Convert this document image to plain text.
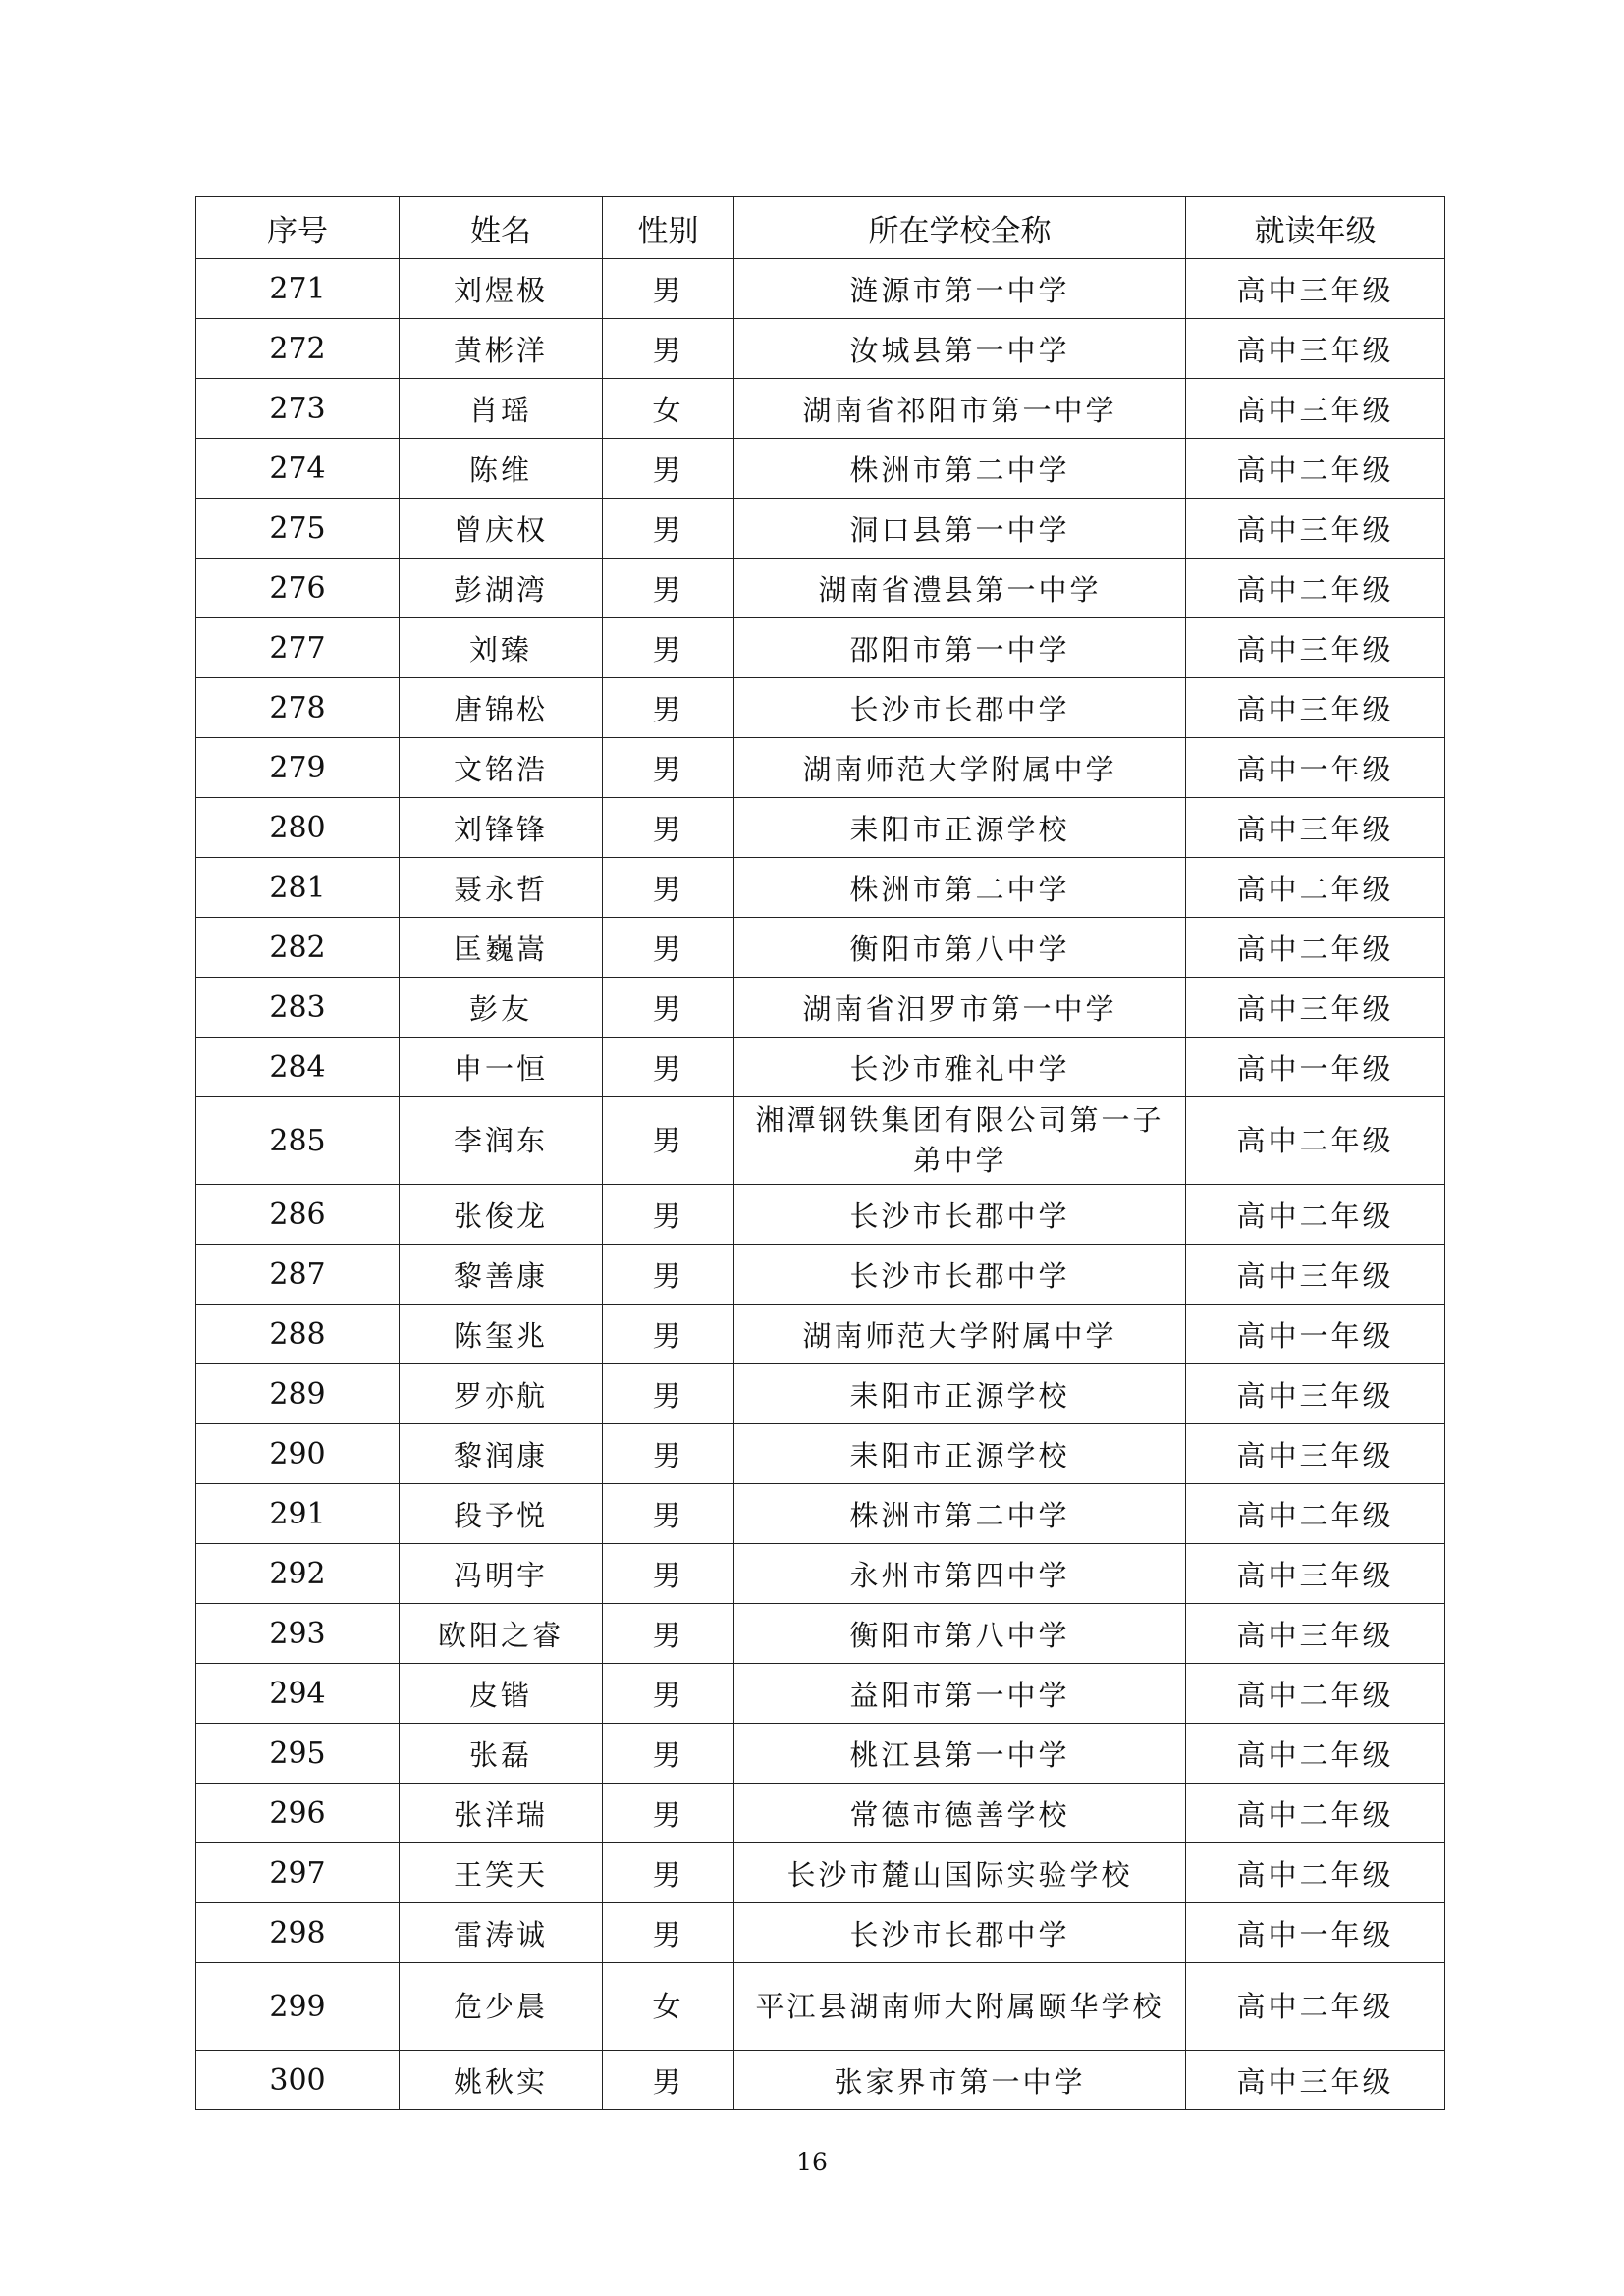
序号	姓名	性别	所在学校全称	就读年级
271	刘煜极	男	涟源市第一中学	高中三年级
272	黄彬洋	男	汝城县第一中学	高中三年级
273	肖瑶	女	湖南省祁阳市第一中学	高中三年级
274	陈维	男	株洲市第二中学	高中二年级
275	曾庆权	男	洞口县第一中学	高中三年级
276	彭湖湾	男	湖南省澧县第一中学	高中二年级
277	刘臻	男	邵阳市第一中学	高中三年级
278	唐锦松	男	长沙市长郡中学	高中三年级
279	文铭浩	男	湖南师范大学附属中学	高中一年级
280	刘锋锋	男	耒阳市正源学校	高中三年级
281	聂永哲	男	株洲市第二中学	高中二年级
282	匡巍嵩	男	衡阳市第八中学	高中二年级
283	彭友	男	湖南省汨罗市第一中学	高中三年级
284	申一恒	男	长沙市雅礼中学	高中一年级
285	李润东	男	湘潭钢铁集团有限公司第一子弟中学	高中二年级
286	张俊龙	男	长沙市长郡中学	高中二年级
287	黎善康	男	长沙市长郡中学	高中三年级
288	陈玺兆	男	湖南师范大学附属中学	高中一年级
289	罗亦航	男	耒阳市正源学校	高中三年级
290	黎润康	男	耒阳市正源学校	高中三年级
291	段予悦	男	株洲市第二中学	高中二年级
292	冯明宇	男	永州市第四中学	高中三年级
293	欧阳之睿	男	衡阳市第八中学	高中三年级
294	皮锴	男	益阳市第一中学	高中二年级
295	张磊	男	桃江县第一中学	高中二年级
296	张洋瑞	男	常德市德善学校	高中二年级
297	王笑天	男	长沙市麓山国际实验学校	高中二年级
298	雷涛诚	男	长沙市长郡中学	高中一年级
299	危少晨	女	平江县湖南师大附属颐华学校	高中二年级
300	姚秋实	男	张家界市第一中学	高中三年级
16
